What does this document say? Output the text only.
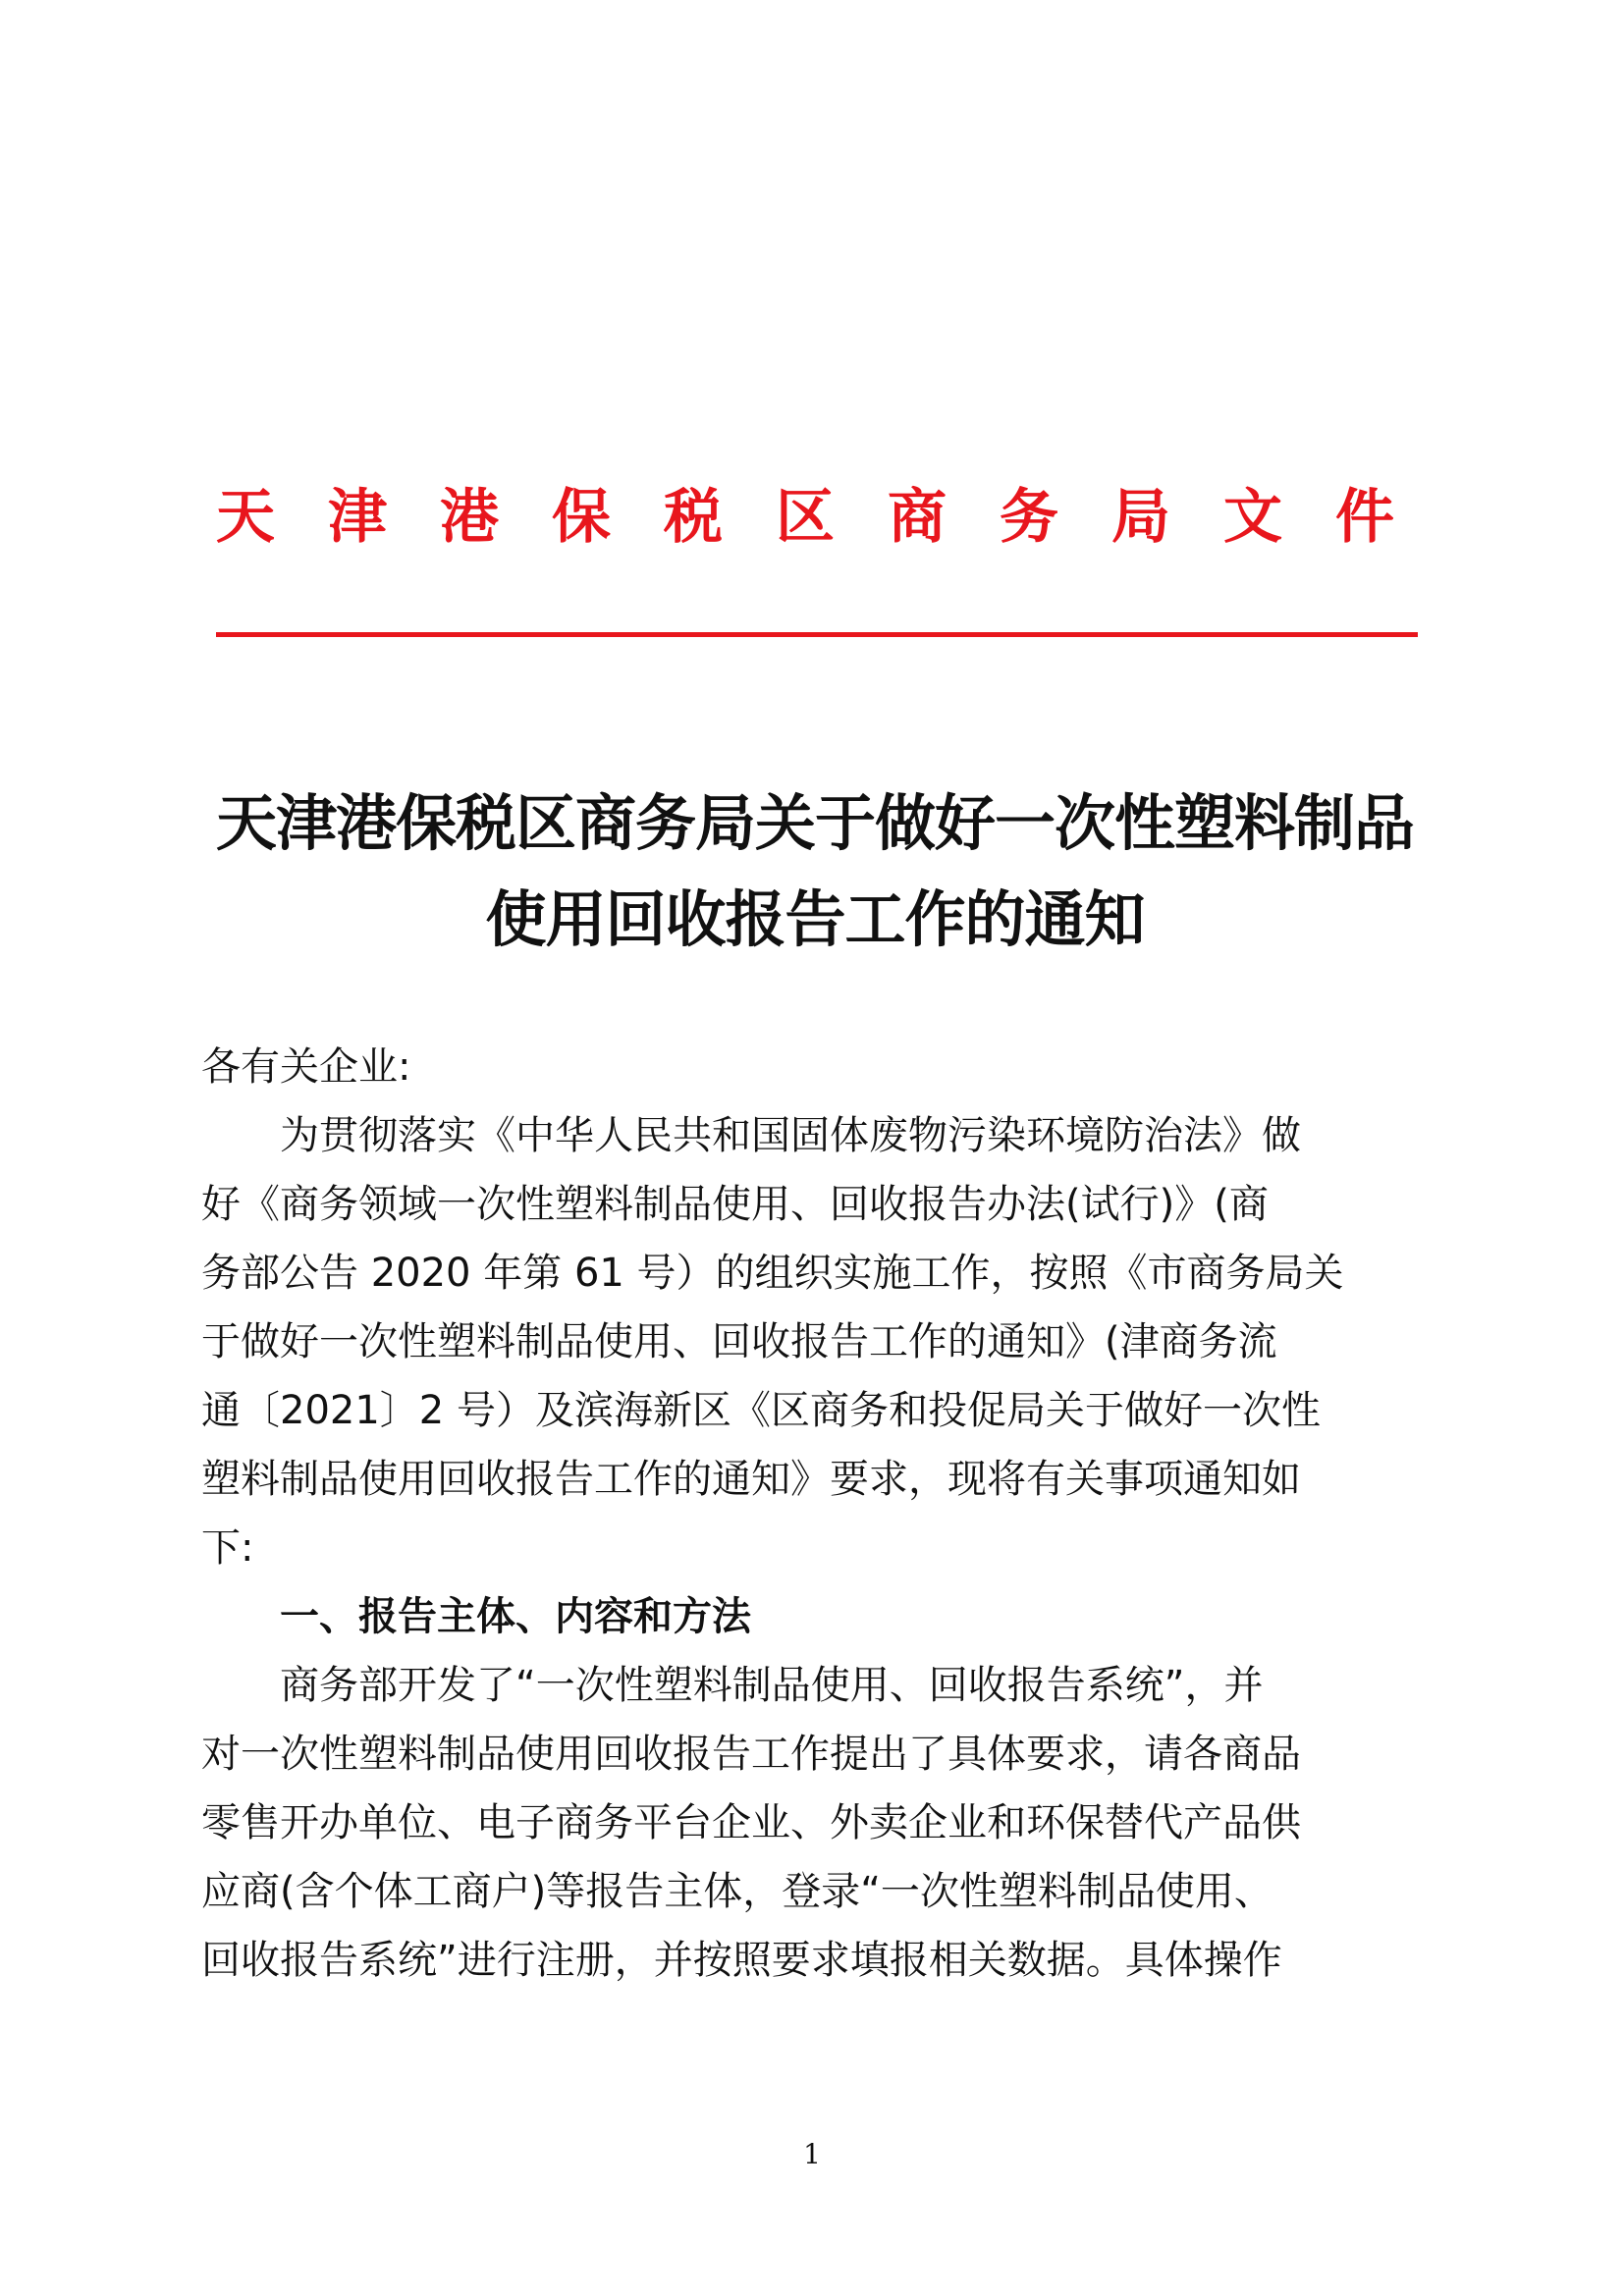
天 津 港 保 税 区 商 务 局 文 件
天津港保税区商务局关于做好一次性塑料制品
使用回收报告工作的通知
各有关企业:
为贯彻落实《中华人民共和国固体废物污染环境防治法》做
好《商务领域一次性塑料制品使用、回收报告办法(试行)》(商
务部公告 2020 年第 61 号）的组织实施工作，按照《市商务局关
于做好一次性塑料制品使用、回收报告工作的通知》(津商务流
通〔2021〕2 号）及滨海新区《区商务和投促局关于做好一次性
塑料制品使用回收报告工作的通知》要求，现将有关事项通知如
下:
一、报告主体、内容和方法
商务部开发了“一次性塑料制品使用、回收报告系统”，并
对一次性塑料制品使用回收报告工作提出了具体要求，请各商品
零售开办单位、电子商务平台企业、外卖企业和环保替代产品供
应商(含个体工商户)等报告主体，登录“一次性塑料制品使用、
回收报告系统”进行注册，并按照要求填报相关数据。具体操作
1
